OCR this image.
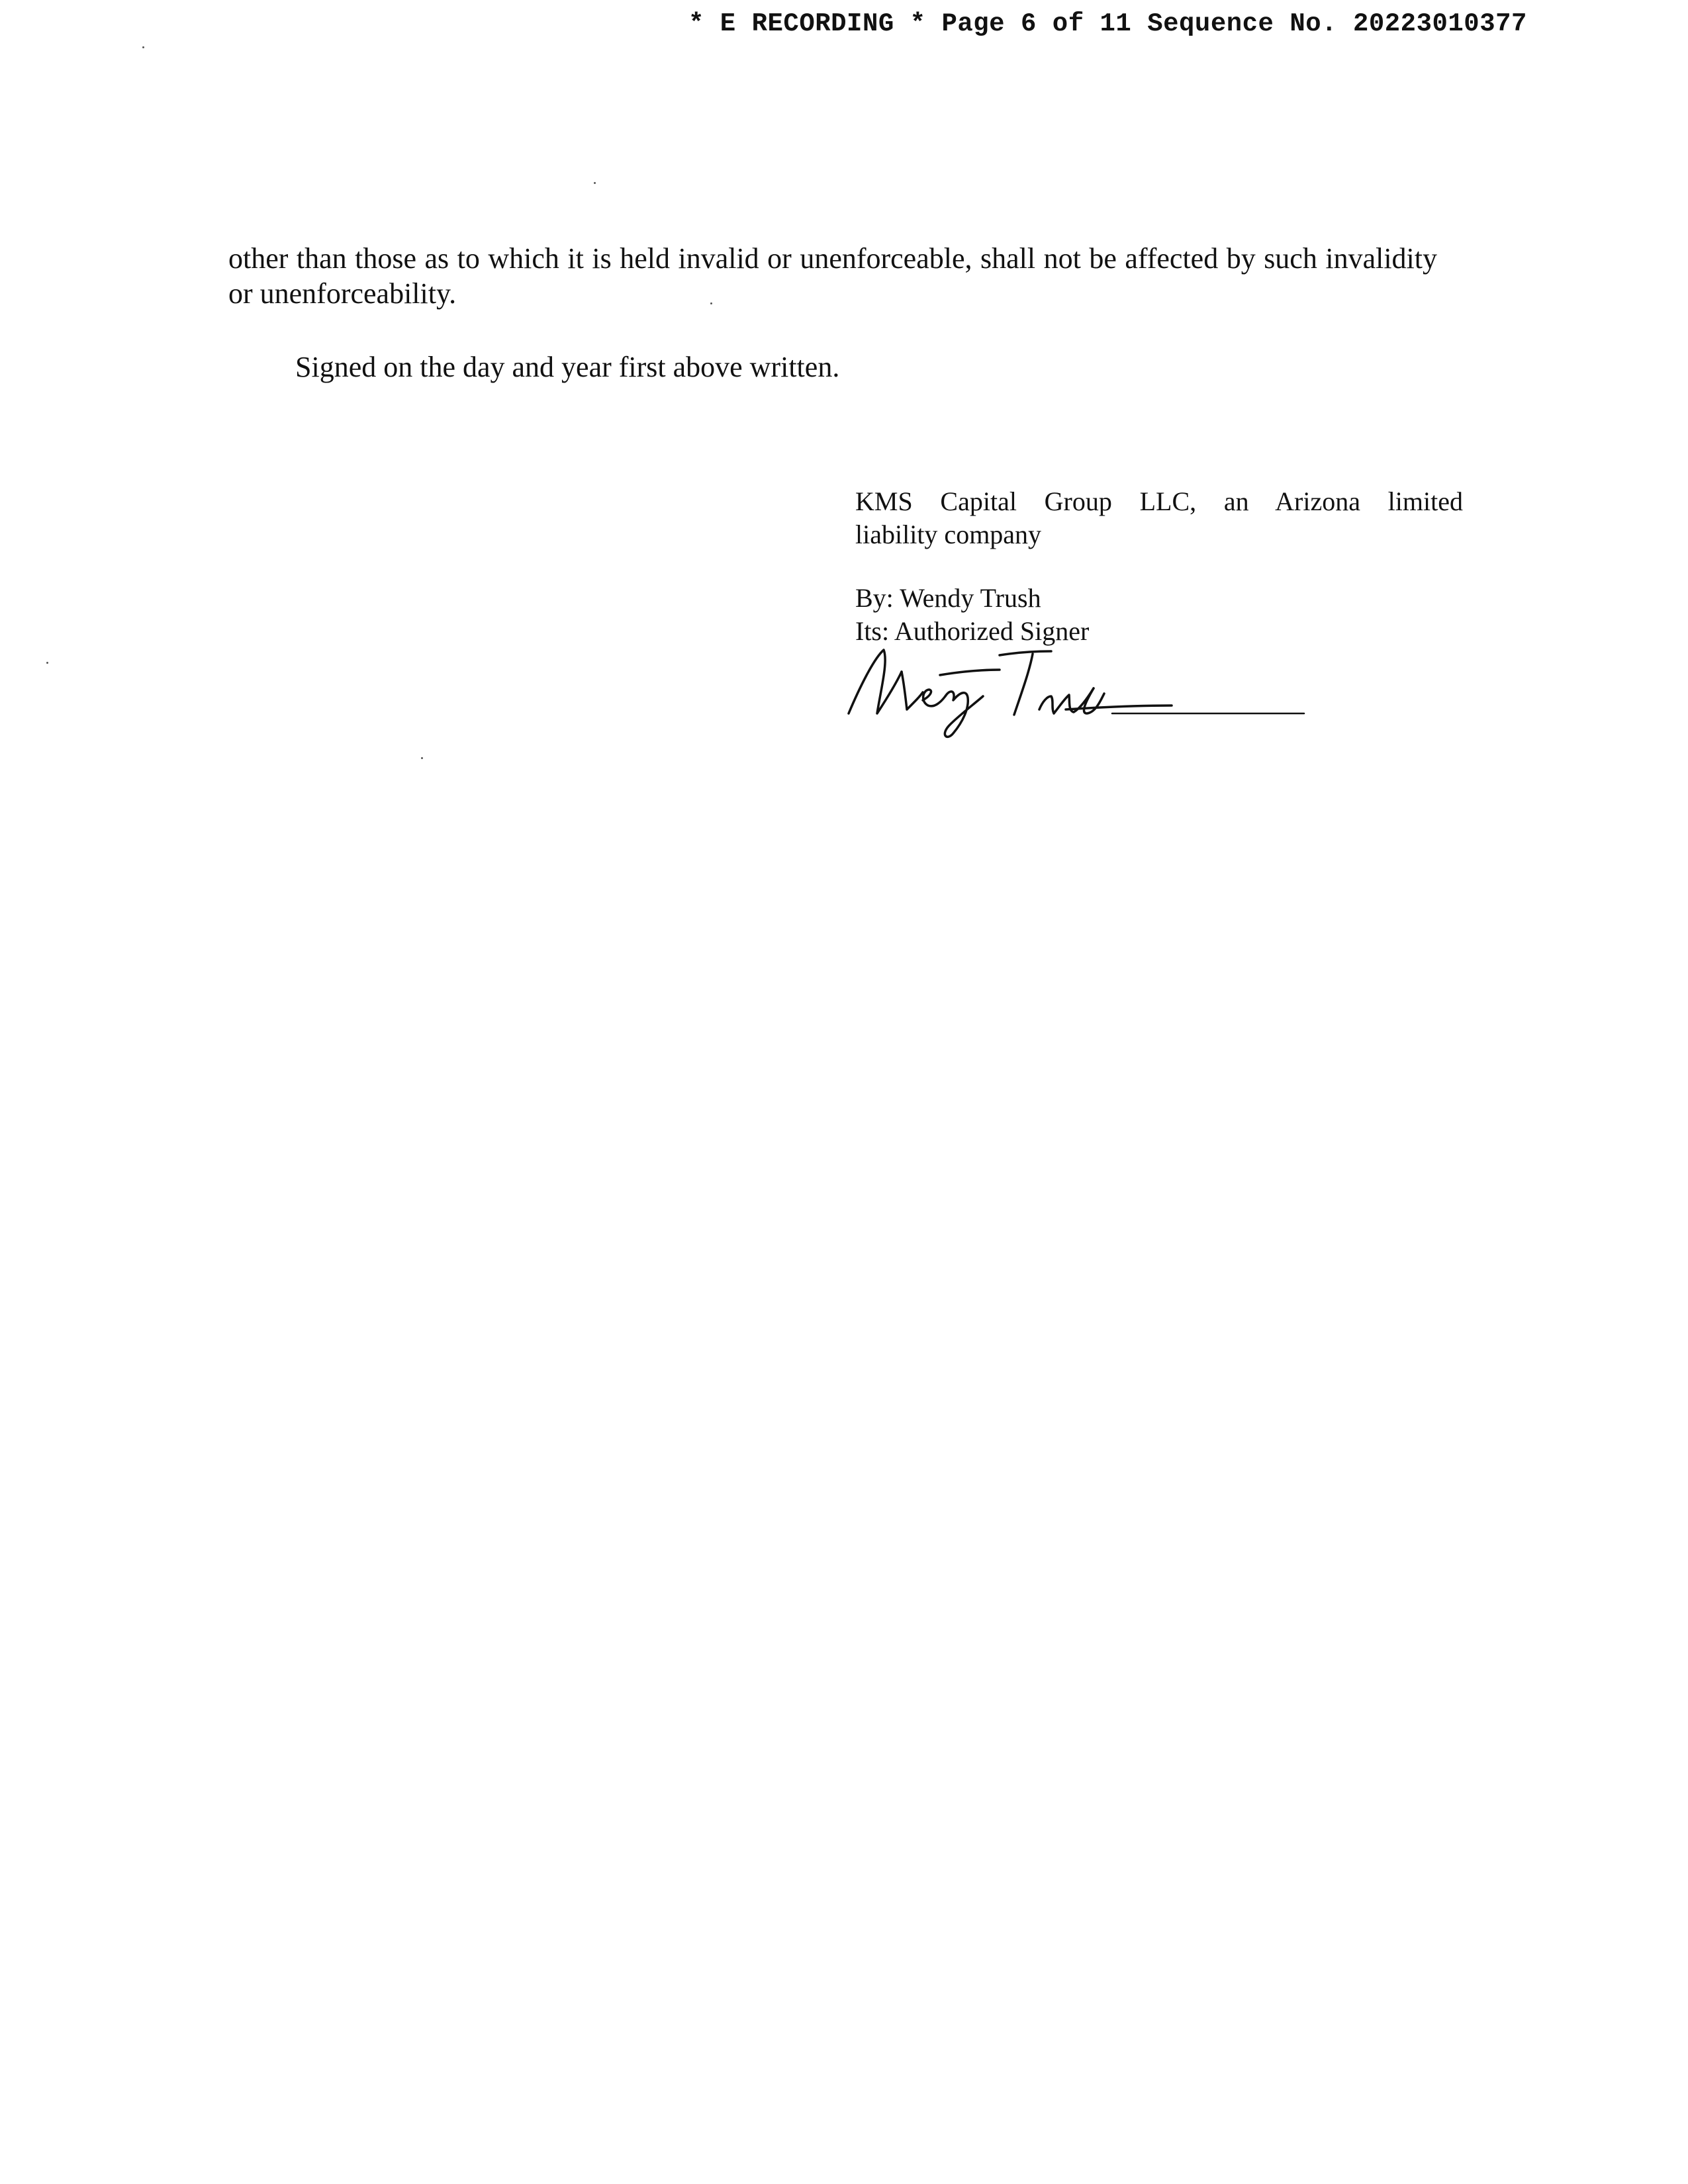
* E RECORDING * Page 6 of 11 Sequence No. 20223010377

other than those as to which it is held invalid or unenforceable, shall not be affected by such invalidity or unenforceability.

Signed on the day and year first above written.

KMS Capital Group LLC, an Arizona limited

liability company

By: Wendy Trush

Its: Authorized Signer
